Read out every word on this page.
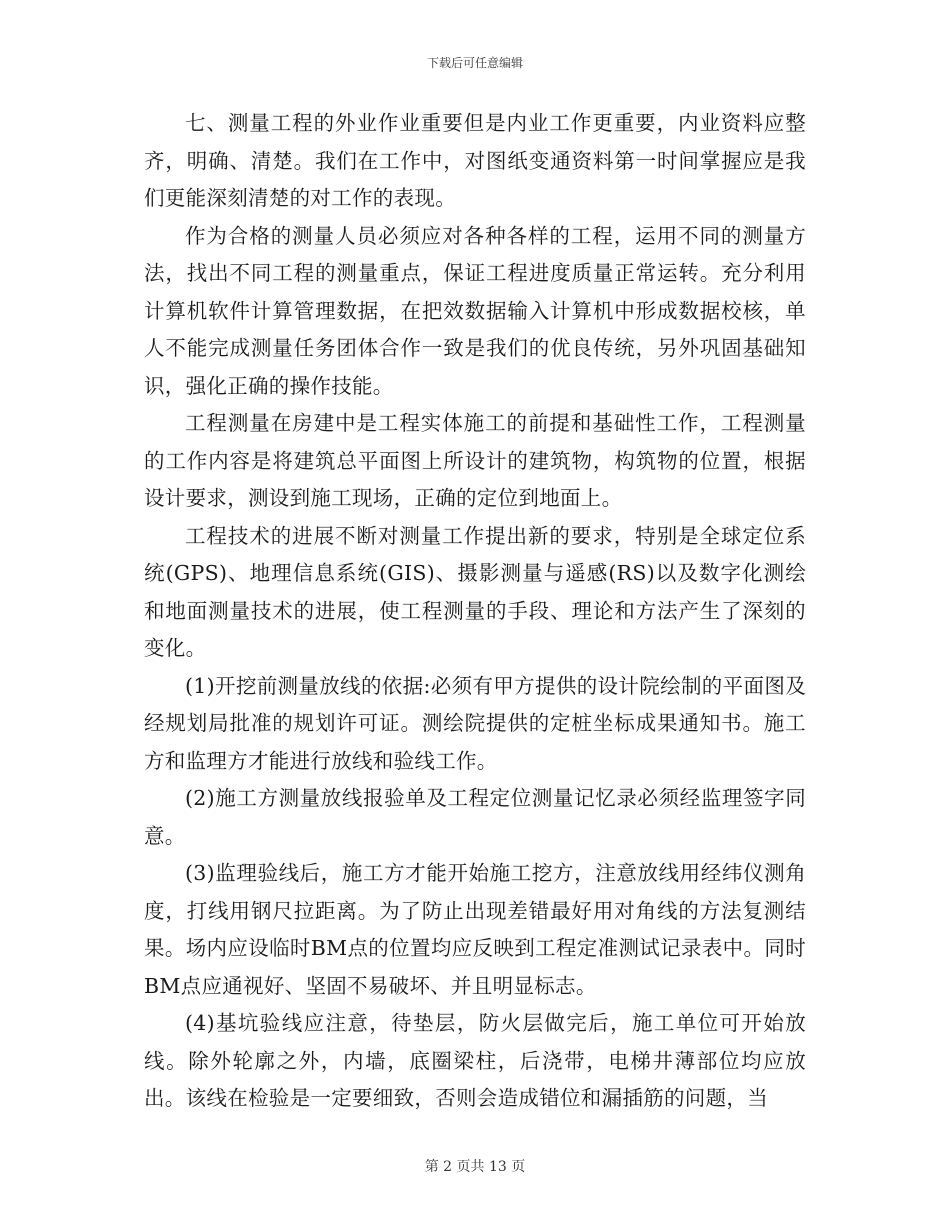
下载后可任意编辑

七、测量工程的外业作业重要但是内业工作更重要，内业资料应整齐，明确、清楚。我们在工作中，对图纸变通资料第一时间掌握应是我们更能深刻清楚的对工作的表现。

作为合格的测量人员必须应对各种各样的工程，运用不同的测量方法，找出不同工程的测量重点，保证工程进度质量正常运转。充分利用计算机软件计算管理数据，在把效数据输入计算机中形成数据校核，单人不能完成测量任务团体合作一致是我们的优良传统，另外巩固基础知识，强化正确的操作技能。

工程测量在房建中是工程实体施工的前提和基础性工作，工程测量的工作内容是将建筑总平面图上所设计的建筑物，构筑物的位置，根据设计要求，测设到施工现场，正确的定位到地面上。

工程技术的进展不断对测量工作提出新的要求，特别是全球定位系统(GPS)、地理信息系统(GIS)、摄影测量与遥感(RS)以及数字化测绘和地面测量技术的进展，使工程测量的手段、理论和方法产生了深刻的变化。

(1)开挖前测量放线的依据:必须有甲方提供的设计院绘制的平面图及经规划局批准的规划许可证。测绘院提供的定桩坐标成果通知书。施工方和监理方才能进行放线和验线工作。

(2)施工方测量放线报验单及工程定位测量记忆录必须经监理签字同意。

(3)监理验线后，施工方才能开始施工挖方，注意放线用经纬仪测角度，打线用钢尺拉距离。为了防止出现差错最好用对角线的方法复测结果。场内应设临时BM点的位置均应反映到工程定准测试记录表中。同时BM点应通视好、坚固不易破坏、并且明显标志。

(4)基坑验线应注意，待垫层，防火层做完后，施工单位可开始放线。除外轮廓之外，内墙，底圈梁柱，后浇带，电梯井薄部位均应放出。该线在检验是一定要细致，否则会造成错位和漏插筋的问题，当

第 2 页共 13 页
